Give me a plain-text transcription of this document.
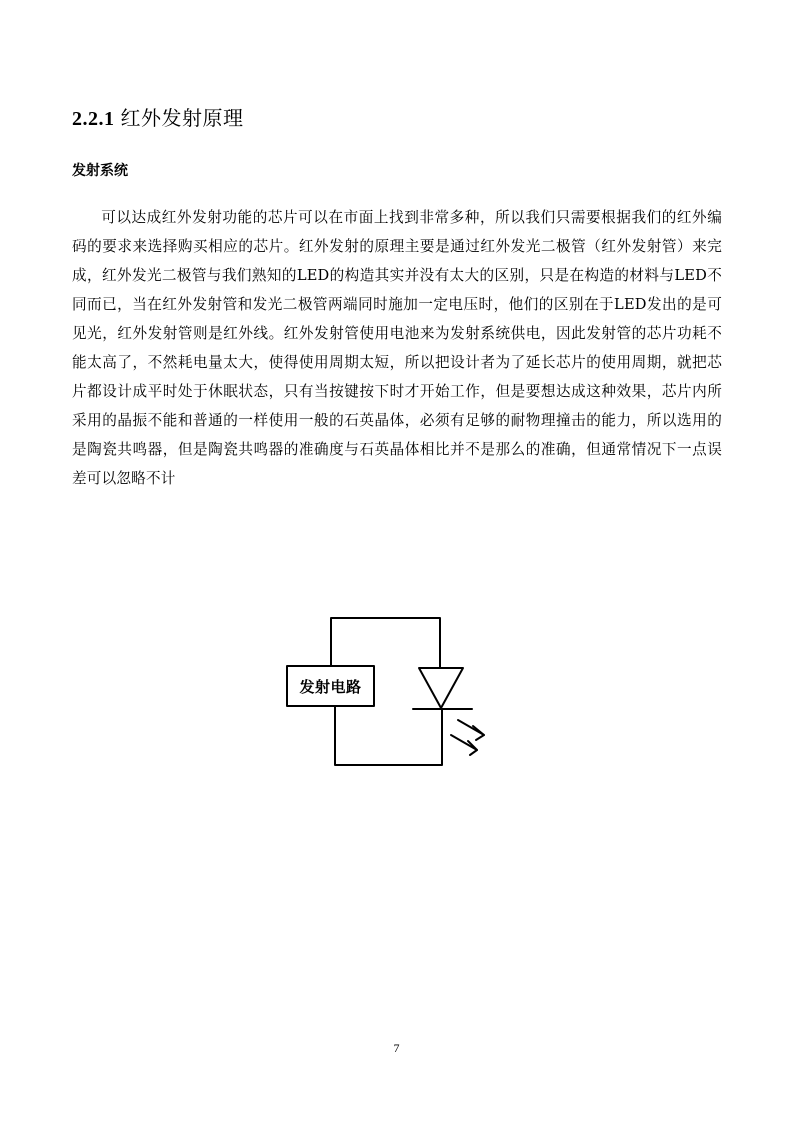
2.2.1 红外发射原理
发射系统

可以达成红外发射功能的芯片可以在市面上找到非常多种，所以我们只需要根据我们的红外编码的要求来选择购买相应的芯片。红外发射的原理主要是通过红外发光二极管（红外发射管）来完成，红外发光二极管与我们熟知的LED的构造其实并没有太大的区别，只是在构造的材料与LED不同而已，当在红外发射管和发光二极管两端同时施加一定电压时，他们的区别在于LED发出的是可见光，红外发射管则是红外线。红外发射管使用电池来为发射系统供电，因此发射管的芯片功耗不能太高了，不然耗电量太大，使得使用周期太短，所以把设计者为了延长芯片的使用周期，就把芯片都设计成平时处于休眠状态，只有当按键按下时才开始工作，但是要想达成这种效果，芯片内所采用的晶振不能和普通的一样使用一般的石英晶体，必须有足够的耐物理撞击的能力，所以选用的是陶瓷共鸣器，但是陶瓷共鸣器的准确度与石英晶体相比并不是那么的准确，但通常情况下一点误差可以忽略不计

发射电路

7
